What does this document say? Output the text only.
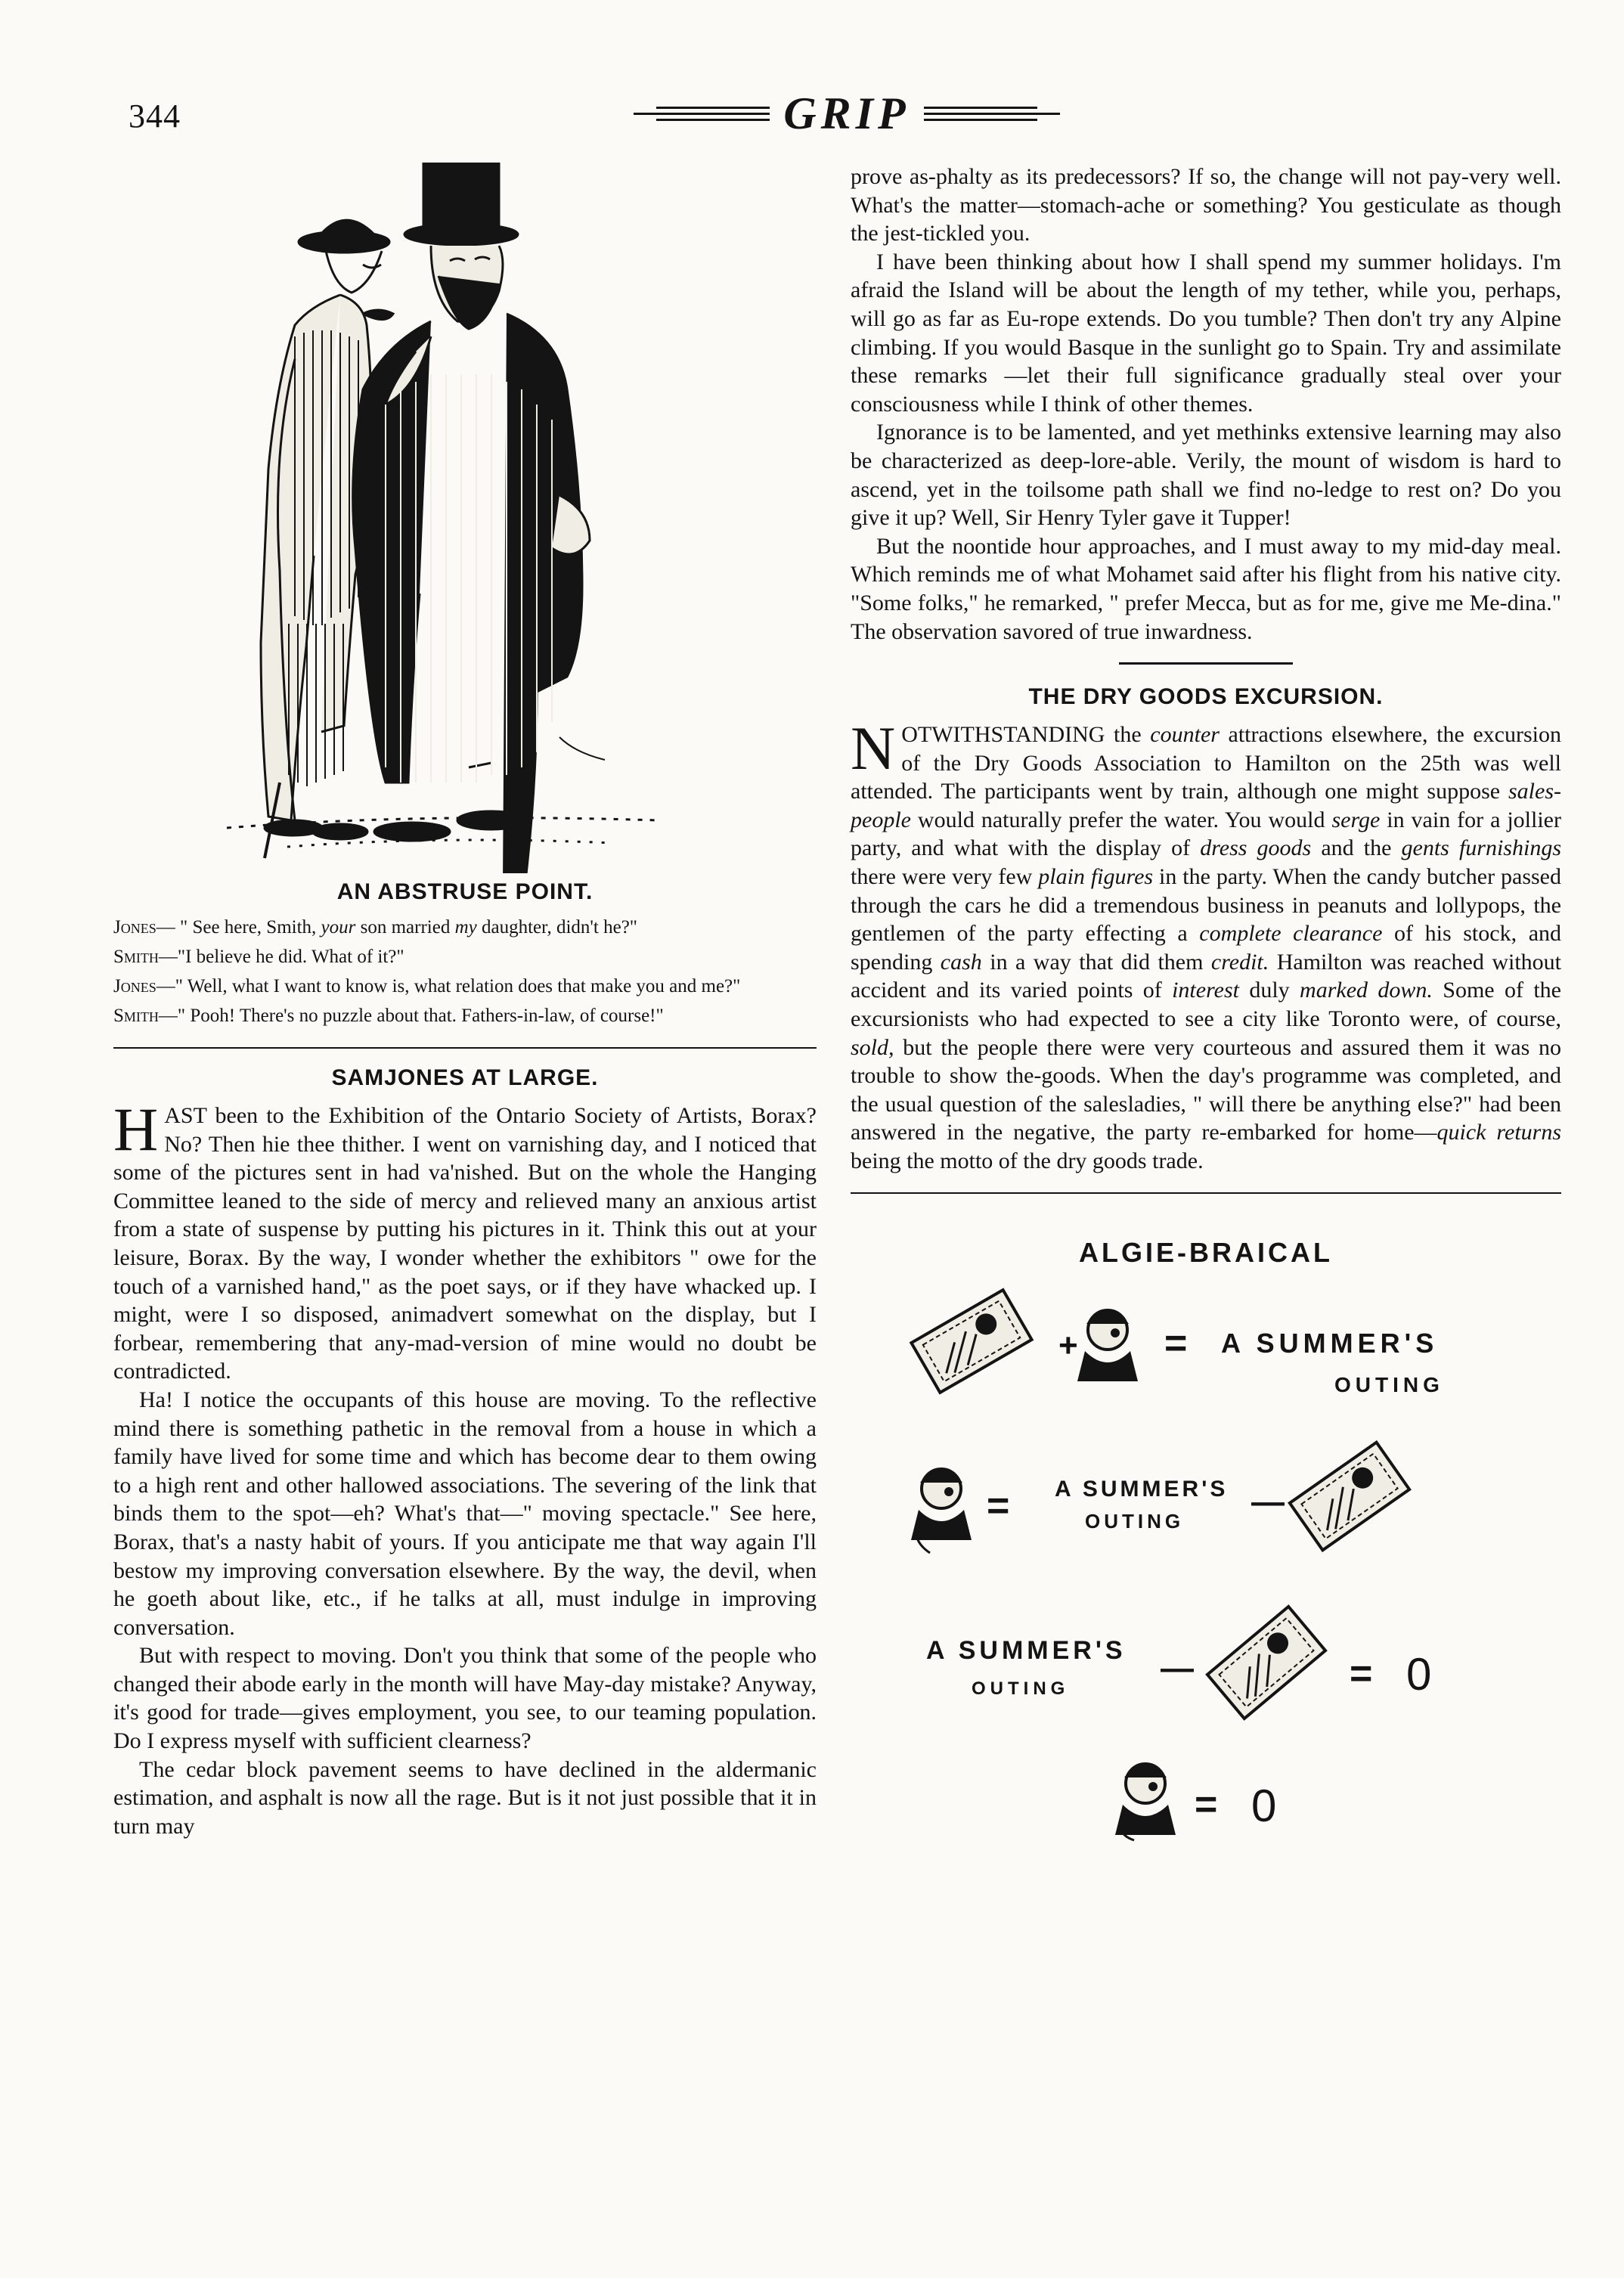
344	GRIP
AN ABSTRUSE POINT.

Jones— " See here, Smith, your son married my daughter, didn't he?"

Smith—"I believe he did. What of it?"

Jones—" Well, what I want to know is, what relation does that make you and me?"

Smith—" Pooh! There's no puzzle about that. Fathers-in-law, of course!"

SAMJONES AT LARGE.

HAST been to the Exhibition of the Ontario Society of Artists, Borax? No? Then hie thee thither. I went on varnishing day, and I noticed that some of the pictures sent in had va'nished. But on the whole the Hanging Committee leaned to the side of mercy and relieved many an anxious artist from a state of suspense by putting his pictures in it. Think this out at your leisure, Borax. By the way, I wonder whether the exhibitors " owe for the touch of a varnished hand," as the poet says, or if they have whacked up. I might, were I so disposed, animadvert somewhat on the display, but I forbear, remembering that any-mad-version of mine would no doubt be contradicted.

Ha! I notice the occupants of this house are moving. To the reflective mind there is something pathetic in the removal from a house in which a family have lived for some time and which has become dear to them owing to a high rent and other hallowed associations. The severing of the link that binds them to the spot—eh? What's that—" moving spectacle." See here, Borax, that's a nasty habit of yours. If you anticipate me that way again I'll bestow my improving conversation elsewhere. By the way, the devil, when he goeth about like, etc., if he talks at all, must indulge in improving conversation.

But with respect to moving. Don't you think that some of the people who changed their abode early in the month will have May-day mistake? Anyway, it's good for trade—gives employment, you see, to our teaming population. Do I express myself with sufficient clearness?

The cedar block pavement seems to have declined in the aldermanic estimation, and asphalt is now all the rage. But is it not just possible that it in turn may

prove as-phalty as its predecessors? If so, the change will not pay-very well. What's the matter—stomach-ache or something? You gesticulate as though the jest-tickled you.

I have been thinking about how I shall spend my summer holidays. I'm afraid the Island will be about the length of my tether, while you, perhaps, will go as far as Eu-rope extends. Do you tumble? Then don't try any Alpine climbing. If you would Basque in the sunlight go to Spain. Try and assimilate these remarks —let their full significance gradually steal over your consciousness while I think of other themes.

Ignorance is to be lamented, and yet methinks extensive learning may also be characterized as deep-lore-able. Verily, the mount of wisdom is hard to ascend, yet in the toilsome path shall we find no-ledge to rest on? Do you give it up? Well, Sir Henry Tyler gave it Tupper!

But the noontide hour approaches, and I must away to my mid-day meal. Which reminds me of what Mohamet said after his flight from his native city. "Some folks," he remarked, " prefer Mecca, but as for me, give me Me-dina." The observation savored of true inwardness.

THE DRY GOODS EXCURSION.

NOTWITHSTANDING the counter attractions elsewhere, the excursion of the Dry Goods Association to Hamilton on the 25th was well attended. The participants went by train, although one might suppose sales-people would naturally prefer the water. You would serge in vain for a jollier party, and what with the display of dress goods and the gents furnishings there were very few plain figures in the party. When the candy butcher passed through the cars he did a tremendous business in peanuts and lollypops, the gentlemen of the party effecting a complete clearance of his stock, and spending cash in a way that did them credit. Hamilton was reached without accident and its varied points of interest duly marked down. Some of the excursionists who had expected to see a city like Toronto were, of course, sold, but the people there were very courteous and assured them it was no trouble to show the-goods. When the day's programme was completed, and the usual question of the salesladies, " will there be anything else?" had been answered in the negative, the party re-embarked for home—quick returns being the motto of the dry goods trade.

ALGIE-BRAICAL
+ = A SUMMER'S
OUTING
= A SUMMER'S
OUTING
—
A SUMMER'S
OUTING
—	= 0
= 0
